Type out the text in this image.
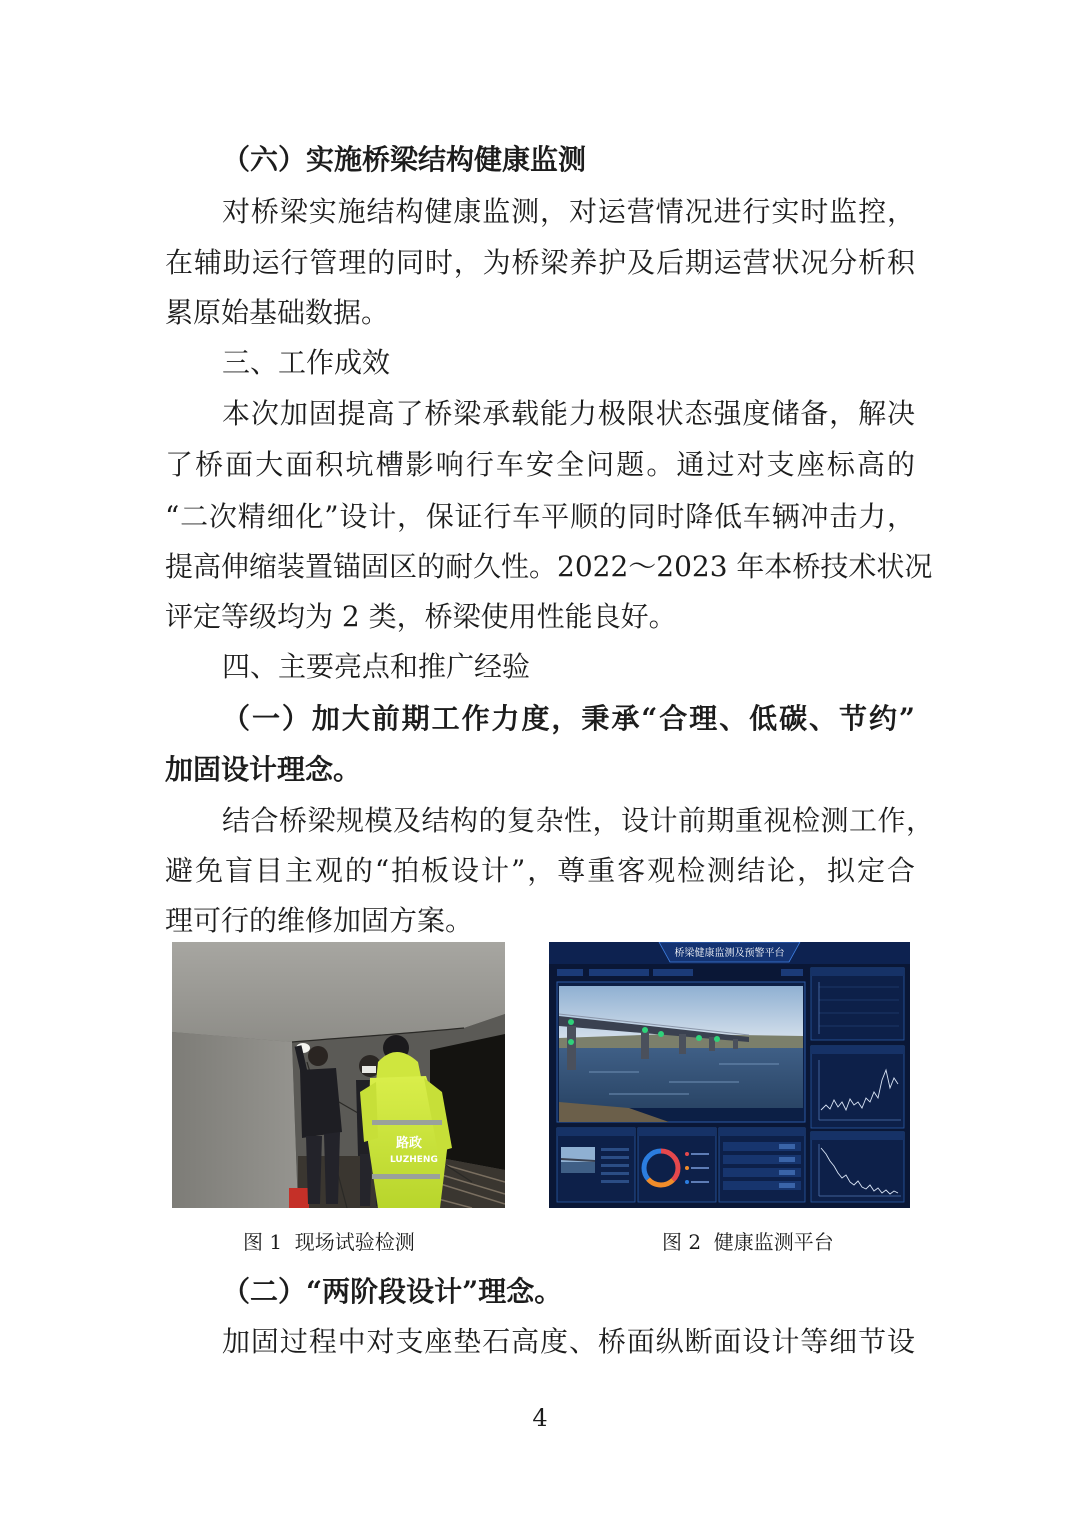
（六）实施桥梁结构健康监测
对桥梁实施结构健康监测，对运营情况进行实时监控，
在辅助运行管理的同时，为桥梁养护及后期运营状况分析积
累原始基础数据。
三、工作成效
本次加固提高了桥梁承载能力极限状态强度储备，解决
了桥面大面积坑槽影响行车安全问题。通过对支座标高的
“二次精细化”设计，保证行车平顺的同时降低车辆冲击力，
提高伸缩装置锚固区的耐久性。2022～2023 年本桥技术状况
评定等级均为 2 类，桥梁使用性能良好。
四、主要亮点和推广经验
（一）加大前期工作力度，秉承“合理、低碳、节约”
加固设计理念。
结合桥梁规模及结构的复杂性，设计前期重视检测工作，
避免盲目主观的“拍板设计”，尊重客观检测结论，拟定合
理可行的维修加固方案。
路政
LUZHENG
桥梁健康监测及预警平台
图 1  现场试验检测	图 2  健康监测平台
（二）“两阶段设计”理念。
加固过程中对支座垫石高度、桥面纵断面设计等细节设
4
